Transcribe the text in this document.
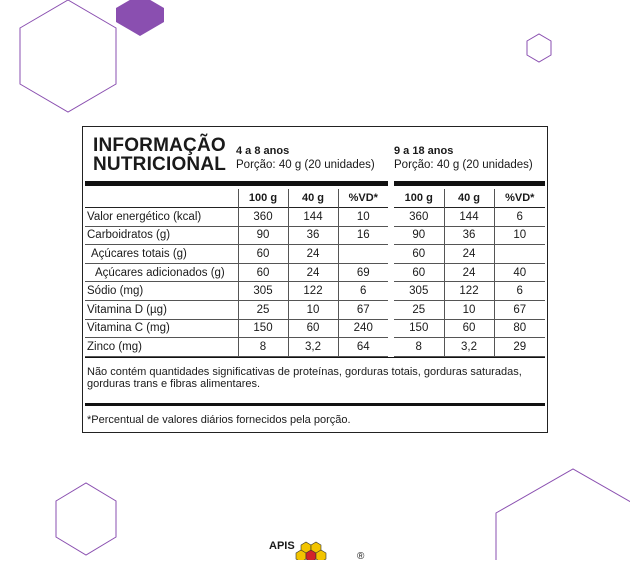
INFORMAÇÃO
NUTRICIONAL
4 a 8 anos
Porção: 40 g (20 unidades)
9 a 18 anos
Porção: 40 g (20 unidades)
	100 g	40 g	%VD*
Valor energético (kcal)	360	144	10
Carboidratos (g)	90	36	16
Açúcares totais (g)	60	24	
Açúcares adicionados (g)	60	24	69
Sódio (mg)	305	122	6
Vitamina D (µg)	25	10	67
Vitamina C (mg)	150	60	240
Zinco (mg)	8	3,2	64
100 g	40 g	%VD*
360	144	6
90	36	10
60	24	
60	24	40
305	122	6
25	10	67
150	60	80
8	3,2	29
Não contém quantidades significativas de proteínas, gorduras totais, gorduras saturadas, gorduras trans e fibras alimentares.
*Percentual de valores diários fornecidos pela porção.
APIS
®
